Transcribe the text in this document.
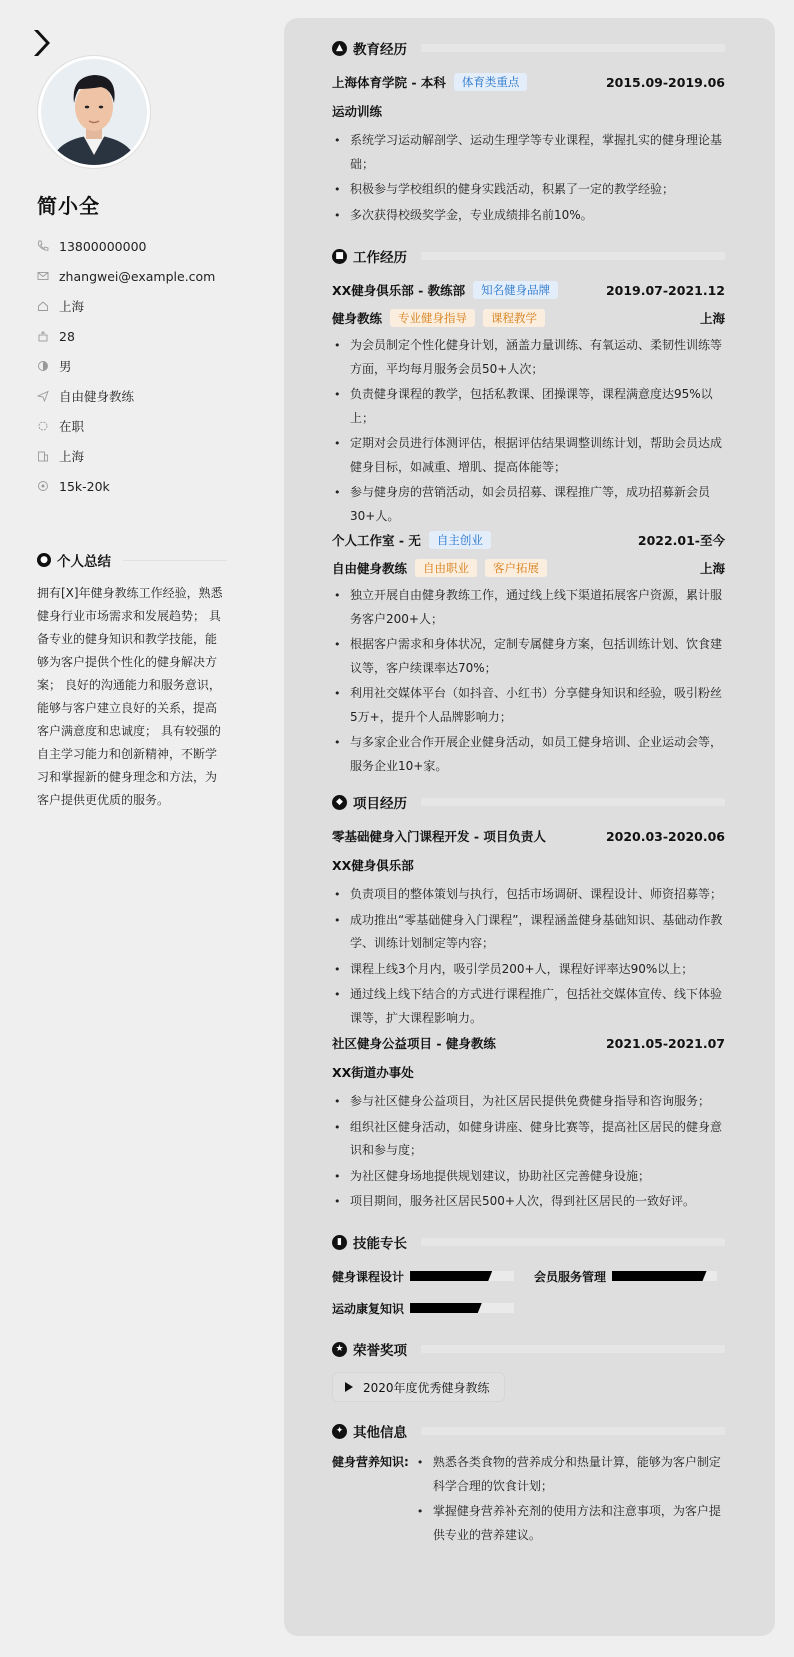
简小全
13800000000
zhangwei@example.com
上海
28
男
自由健身教练
在职
上海
15k-20k
● 个人总结
拥有[X]年健身教练工作经验，熟悉健身行业市场需求和发展趋势； 具备专业的健身知识和教学技能，能够为客户提供个性化的健身解决方案； 良好的沟通能力和服务意识，能够与客户建立良好的关系，提高客户满意度和忠诚度； 具有较强的自主学习能力和创新精神，不断学习和掌握新的健身理念和方法，为客户提供更优质的服务。
▲ 教育经历
上海体育学院 - 本科	体育类重点	2015.09-2019.06
运动训练
• 系统学习运动解剖学、运动生理学等专业课程，掌握扎实的健身理论基础；
• 积极参与学校组织的健身实践活动，积累了一定的教学经验；
• 多次获得校级奖学金，专业成绩排名前10%。
■ 工作经历
XX健身俱乐部 - 教练部	知名健身品牌	2019.07-2021.12
健身教练	专业健身指导	课程教学	上海
• 为会员制定个性化健身计划，涵盖力量训练、有氧运动、柔韧性训练等方面，平均每月服务会员50+人次；
• 负责健身课程的教学，包括私教课、团操课等，课程满意度达95%以上；
• 定期对会员进行体测评估，根据评估结果调整训练计划，帮助会员达成健身目标，如减重、增肌、提高体能等；
• 参与健身房的营销活动，如会员招募、课程推广等，成功招募新会员30+人。
个人工作室 - 无	自主创业	2022.01-至今
自由健身教练	自由职业	客户拓展	上海
• 独立开展自由健身教练工作，通过线上线下渠道拓展客户资源，累计服务客户200+人；
• 根据客户需求和身体状况，定制专属健身方案，包括训练计划、饮食建议等，客户续课率达70%；
• 利用社交媒体平台（如抖音、小红书）分享健身知识和经验，吸引粉丝5万+，提升个人品牌影响力；
• 与多家企业合作开展企业健身活动，如员工健身培训、企业运动会等，服务企业10+家。
◆ 项目经历
零基础健身入门课程开发 - 项目负责人	2020.03-2020.06
XX健身俱乐部
• 负责项目的整体策划与执行，包括市场调研、课程设计、师资招募等；
• 成功推出“零基础健身入门课程”，课程涵盖健身基础知识、基础动作教学、训练计划制定等内容；
• 课程上线3个月内，吸引学员200+人，课程好评率达90%以上；
• 通过线上线下结合的方式进行课程推广，包括社交媒体宣传、线下体验课等，扩大课程影响力。
社区健身公益项目 - 健身教练	2021.05-2021.07
XX街道办事处
• 参与社区健身公益项目，为社区居民提供免费健身指导和咨询服务；
• 组织社区健身活动，如健身讲座、健身比赛等，提高社区居民的健身意识和参与度；
• 为社区健身场地提供规划建议，协助社区完善健身设施；
• 项目期间，服务社区居民500+人次，得到社区居民的一致好评。
▮ 技能专长
健身课程设计	会员服务管理
运动康复知识
★ 荣誉奖项
2020年度优秀健身教练
✦ 其他信息
健身营养知识:
•	熟悉各类食物的营养成分和热量计算，能够为客户制定科学合理的饮食计划；
• 掌握健身营养补充剂的使用方法和注意事项，为客户提供专业的营养建议。
